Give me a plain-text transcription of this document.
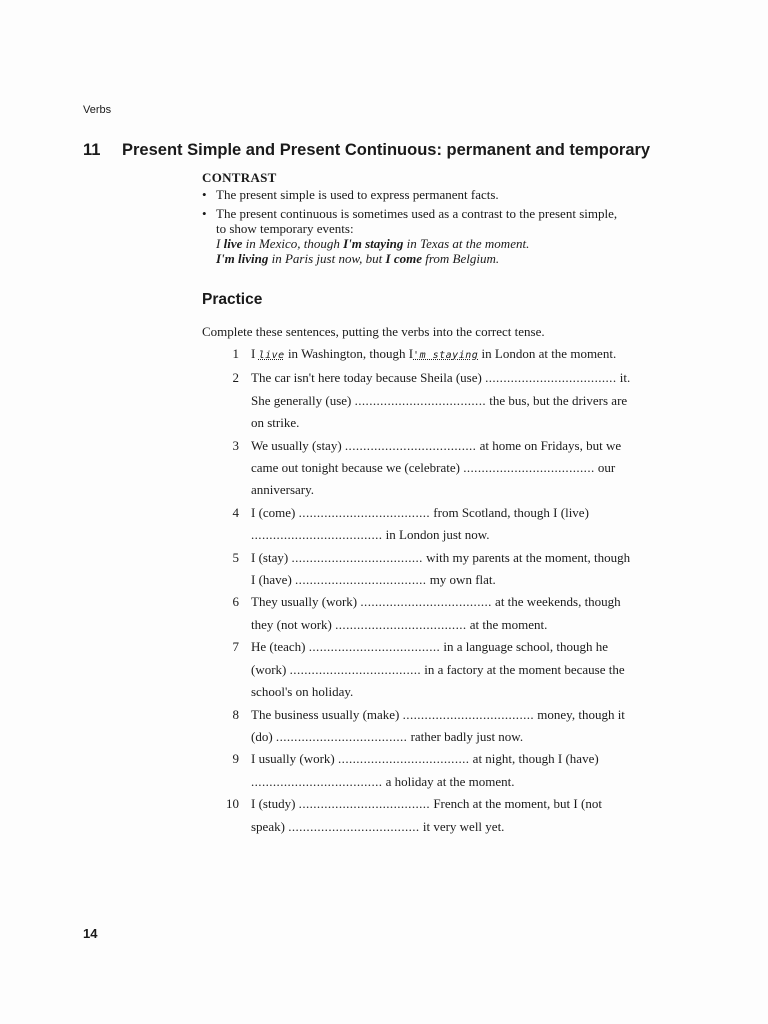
Verbs
11 Present Simple and Present Continuous: permanent and temporary
CONTRAST
• The present simple is used to express permanent facts.
• The present continuous is sometimes used as a contrast to the present simple,
to show temporary events:
I live in Mexico, though I'm staying in Texas at the moment.
I'm living in Paris just now, but I come from Belgium.
Practice
Complete these sentences, putting the verbs into the correct tense.
1 I live in Washington, though I'm staying in London at the moment.
2 The car isn't here today because Sheila (use) .................................... it.
She generally (use) .................................... the bus, but the drivers are
on strike.
3 We usually (stay) .................................... at home on Fridays, but we
came out tonight because we (celebrate) .................................... our
anniversary.
4 I (come) .................................... from Scotland, though I (live)
.................................... in London just now.
5 I (stay) .................................... with my parents at the moment, though
I (have) .................................... my own flat.
6 They usually (work) .................................... at the weekends, though
they (not work) .................................... at the moment.
7 He (teach) .................................... in a language school, though he
(work) .................................... in a factory at the moment because the
school's on holiday.
8 The business usually (make) .................................... money, though it
(do) .................................... rather badly just now.
9 I usually (work) .................................... at night, though I (have)
.................................... a holiday at the moment.
10 I (study) .................................... French at the moment, but I (not
speak) .................................... it very well yet.
14
